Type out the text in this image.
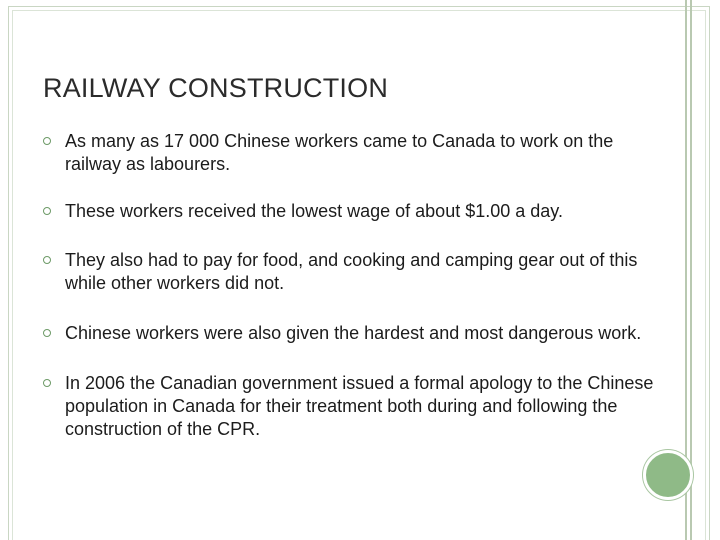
RAILWAY CONSTRUCTION
As many as 17 000 Chinese workers came to Canada to work on the railway as labourers.
These workers received the lowest wage of about $1.00 a day.
They also had to pay for food, and cooking and camping gear out of this while other workers did not.
Chinese workers were also given the hardest and most dangerous work.
In 2006 the Canadian government issued a formal apology to the Chinese population in Canada for their treatment both during and following the construction of the CPR.
